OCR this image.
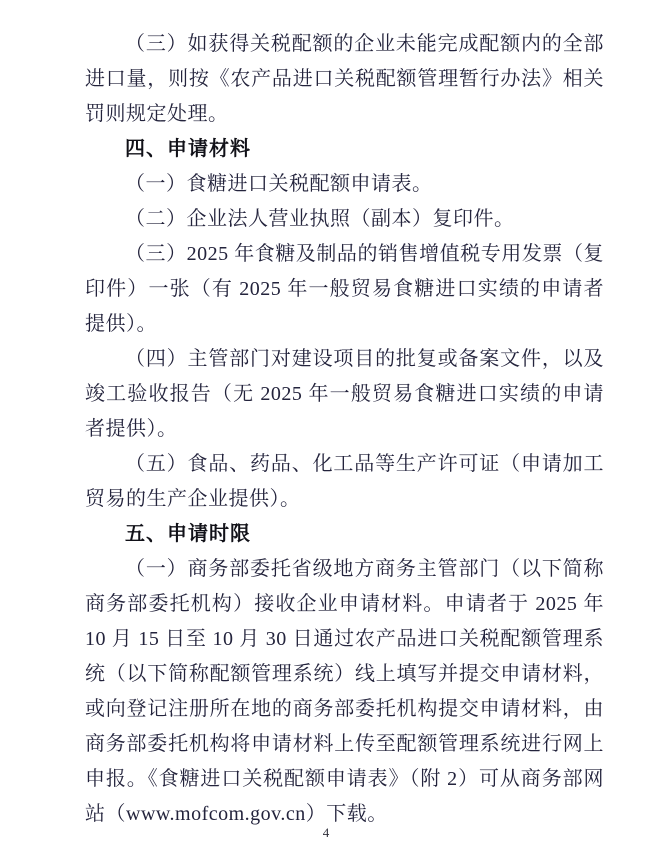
（三）如获得关税配额的企业未能完成配额内的全部进口量，则按《农产品进口关税配额管理暂行办法》相关罚则规定处理。

四、申请材料

（一）食糖进口关税配额申请表。

（二）企业法人营业执照（副本）复印件。

（三）2025 年食糖及制品的销售增值税专用发票（复印件）一张（有 2025 年一般贸易食糖进口实绩的申请者提供）。

（四）主管部门对建设项目的批复或备案文件，以及竣工验收报告（无 2025 年一般贸易食糖进口实绩的申请者提供）。

（五）食品、药品、化工品等生产许可证（申请加工贸易的生产企业提供）。

五、申请时限

（一）商务部委托省级地方商务主管部门（以下简称商务部委托机构）接收企业申请材料。申请者于 2025 年 10 月 15 日至 10 月 30 日通过农产品进口关税配额管理系统（以下简称配额管理系统）线上填写并提交申请材料，或向登记注册所在地的商务部委托机构提交申请材料，由商务部委托机构将申请材料上传至配额管理系统进行网上申报。《食糖进口关税配额申请表》（附 2）可从商务部网站（www.mofcom.gov.cn）下载。

4
